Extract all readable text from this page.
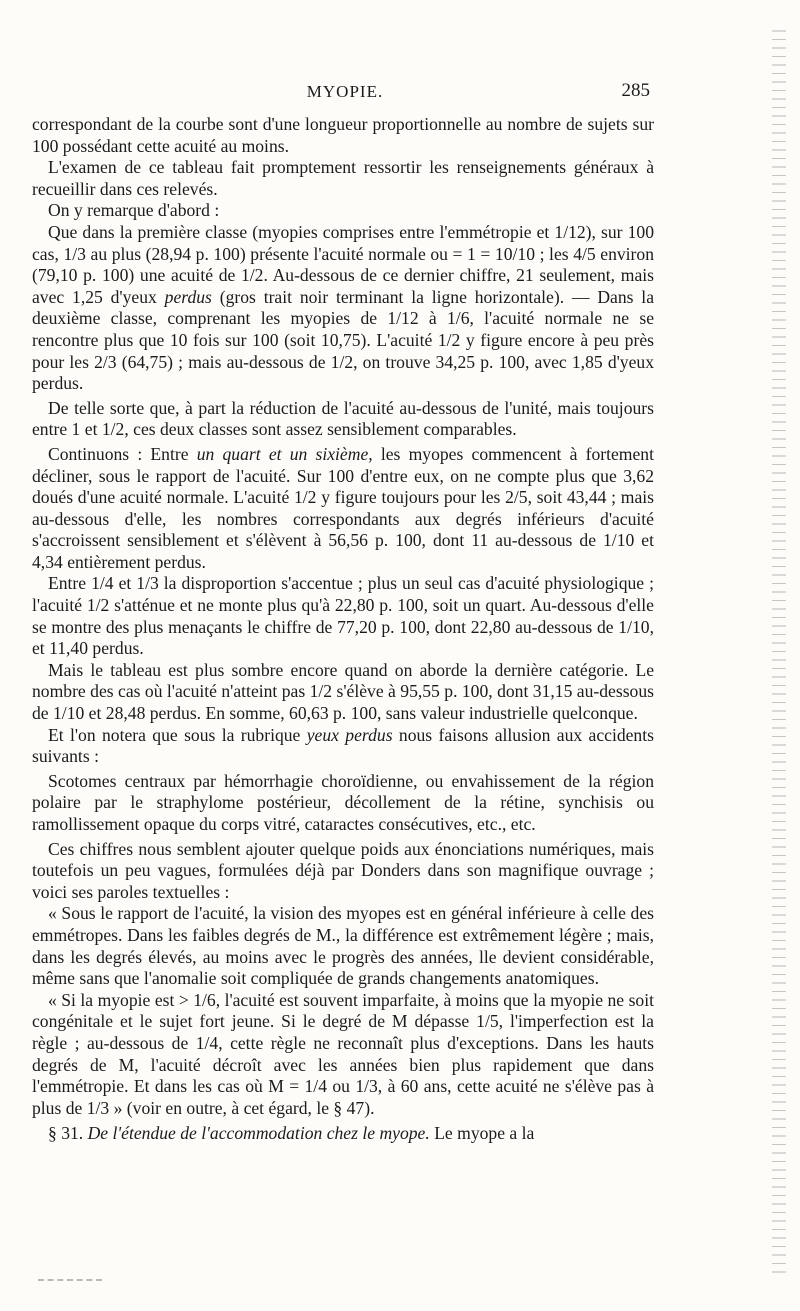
MYOPIE.	285

correspondant de la courbe sont d'une longueur proportionnelle au nombre de sujets sur 100 possédant cette acuité au moins.

L'examen de ce tableau fait promptement ressortir les renseignements généraux à recueillir dans ces relevés.

On y remarque d'abord :

Que dans la première classe (myopies comprises entre l'emmétropie et 1/12), sur 100 cas, 1/3 au plus (28,94 p. 100) présente l'acuité normale ou = 1 = 10/10 ; les 4/5 environ (79,10 p. 100) une acuité de 1/2. Au-dessous de ce dernier chiffre, 21 seulement, mais avec 1,25 d'yeux perdus (gros trait noir terminant la ligne horizontale). — Dans la deuxième classe, comprenant les myopies de 1/12 à 1/6, l'acuité normale ne se rencontre plus que 10 fois sur 100 (soit 10,75). L'acuité 1/2 y figure encore à peu près pour les 2/3 (64,75) ; mais au-dessous de 1/2, on trouve 34,25 p. 100, avec 1,85 d'yeux perdus.

De telle sorte que, à part la réduction de l'acuité au-dessous de l'unité, mais toujours entre 1 et 1/2, ces deux classes sont assez sensiblement comparables.

Continuons : Entre un quart et un sixième, les myopes commencent à fortement décliner, sous le rapport de l'acuité. Sur 100 d'entre eux, on ne compte plus que 3,62 doués d'une acuité normale. L'acuité 1/2 y figure toujours pour les 2/5, soit 43,44 ; mais au-dessous d'elle, les nombres correspondants aux degrés inférieurs d'acuité s'accroissent sensiblement et s'élèvent à 56,56 p. 100, dont 11 au-dessous de 1/10 et 4,34 entièrement perdus.

Entre 1/4 et 1/3 la disproportion s'accentue ; plus un seul cas d'acuité physiologique ; l'acuité 1/2 s'atténue et ne monte plus qu'à 22,80 p. 100, soit un quart. Au-dessous d'elle se montre des plus menaçants le chiffre de 77,20 p. 100, dont 22,80 au-dessous de 1/10, et 11,40 perdus.

Mais le tableau est plus sombre encore quand on aborde la dernière catégorie. Le nombre des cas où l'acuité n'atteint pas 1/2 s'élève à 95,55 p. 100, dont 31,15 au-dessous de 1/10 et 28,48 perdus. En somme, 60,63 p. 100, sans valeur industrielle quelconque.

Et l'on notera que sous la rubrique yeux perdus nous faisons allusion aux accidents suivants :

Scotomes centraux par hémorrhagie choroïdienne, ou envahissement de la région polaire par le straphylome postérieur, décollement de la rétine, synchisis ou ramollissement opaque du corps vitré, cataractes consécutives, etc., etc.

Ces chiffres nous semblent ajouter quelque poids aux énonciations numériques, mais toutefois un peu vagues, formulées déjà par Donders dans son magnifique ouvrage ; voici ses paroles textuelles :

« Sous le rapport de l'acuité, la vision des myopes est en général inférieure à celle des emmétropes. Dans les faibles degrés de M., la différence est extrêmement légère ; mais, dans les degrés élevés, au moins avec le progrès des années, lle devient considérable, même sans que l'anomalie soit compliquée de grands changements anatomiques.

« Si la myopie est > 1/6, l'acuité est souvent imparfaite, à moins que la myopie ne soit congénitale et le sujet fort jeune. Si le degré de M dépasse 1/5, l'imperfection est la règle ; au-dessous de 1/4, cette règle ne reconnaît plus d'exceptions. Dans les hauts degrés de M, l'acuité décroît avec les années bien plus rapidement que dans l'emmétropie. Et dans les cas où M = 1/4 ou 1/3, à 60 ans, cette acuité ne s'élève pas à plus de 1/3 » (voir en outre, à cet égard, le § 47).

§ 31. De l'étendue de l'accommodation chez le myope. Le myope a la
